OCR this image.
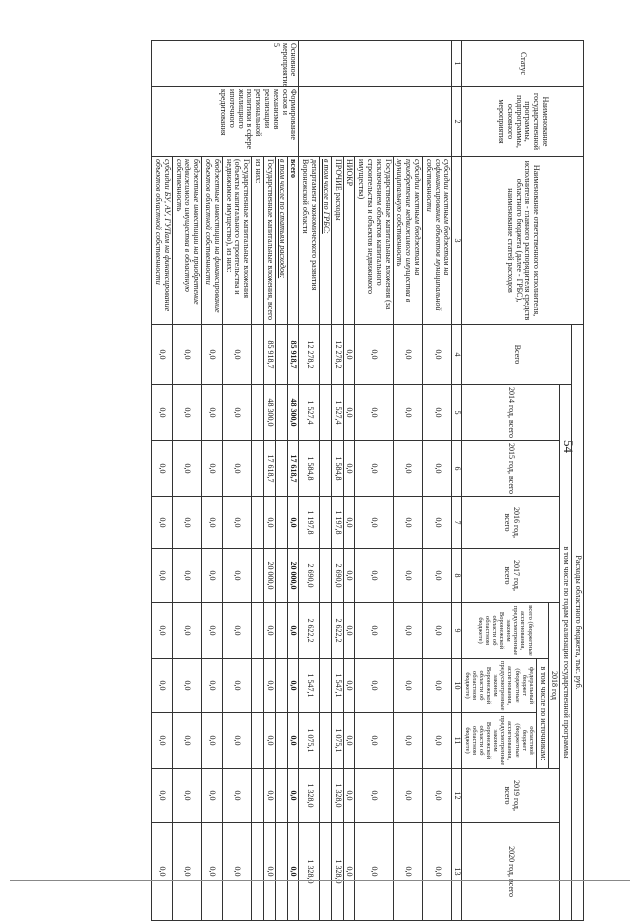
54
Статус	Наименование государственной программы, подпрограммы, основного мероприятия	Наименование ответственного исполнителя, исполнителя - главного распорядителя средств областного бюджета (далее - ГРБС), наименование статей расходов	Расходы областного бюджета, тыс. руб.									
			Всего	в том числе по годам реализации государственной программы								
				2014 год, всего	2015 год, всего	2016 год, всего	2017 год, всего	2018 год			2019 год, всего	2020 год, всего
								всего (бюджетные ассигнования, предусмотренные законом Воронежской области об областном бюджете)	в том числе по источникам:			
									федеральный бюджет (бюджетные ассигнования, предусмотренные законом Воронежской области об областном бюджете)	областной бюджет (бюджетные ассигнования, предусмотренные законом Воронежской области об областном бюджете)		
1	2	3	4	5	6	7	8	9	10	11	12	13
		субсидии местным бюджетам на софинансирование объектов муниципальной собственности	0,0	0,0	0,0	0,0	0,0	0,0	0,0	0,0	0,0	0,0
		субсидии местным бюджетам на приобретение недвижимого имущества в муниципальную собственность	0,0	0,0	0,0	0,0	0,0	0,0	0,0	0,0	0,0	0,0
		Государственные капитальные вложения (за исключением объектов капитального строительства и объектов недвижимого имущества)	0,0	0,0	0,0	0,0	0,0	0,0	0,0	0,0	0,0	0,0
		НИОКР	0,0	0,0	0,0	0,0	0,0	0,0	0,0	0,0	0,0	0,0
		ПРОЧИЕ расходы	12 278,2	1 527,4	1 584,8	1 197,8	2 690,0	2 622,2	1 547,1	1 075,1	1 328,0	1 328,0
		в том числе по ГРБС:										
		департамент экономического развития Воронежской области	12 278,2	1 527,4	1 584,8	1 197,8	2 690,0	2 622,2	1 547,1	1 075,1	1 328,0	1 328,0
Основное мероприятие 5	Формирование основ и механизмов реализации региональной политики в сфере жилищного ипотечного кредитования	всего	85 918,7	48 300,0	17 618,7	0,0	20 000,0	0,0	0,0	0,0	0,0	0,0
		в том числе по статьям расходов:										
		Государственные капитальные вложения, всего	85 918,7	48 300,0	17 618,7	0,0	20 000,0	0,0	0,0	0,0	0,0	0,0
		из них:										
		Государственные капитальные вложения (объекты капитального строительства и недвижимое имущество), из них:	0,0	0,0	0,0	0,0	0,0	0,0	0,0	0,0	0,0	0,0
		бюджетные инвестиции на финансирование объектов областной собственности	0,0	0,0	0,0	0,0	0,0	0,0	0,0	0,0	0,0	0,0
		бюджетные инвестиции на приобретение недвижимого имущества в областную собственность	0,0	0,0	0,0	0,0	0,0	0,0	0,0	0,0	0,0	0,0
		субсидии БУ, АУ, ГУПам на финансирование объектов областной собственности	0,0	0,0	0,0	0,0	0,0	0,0	0,0	0,0	0,0	0,0
